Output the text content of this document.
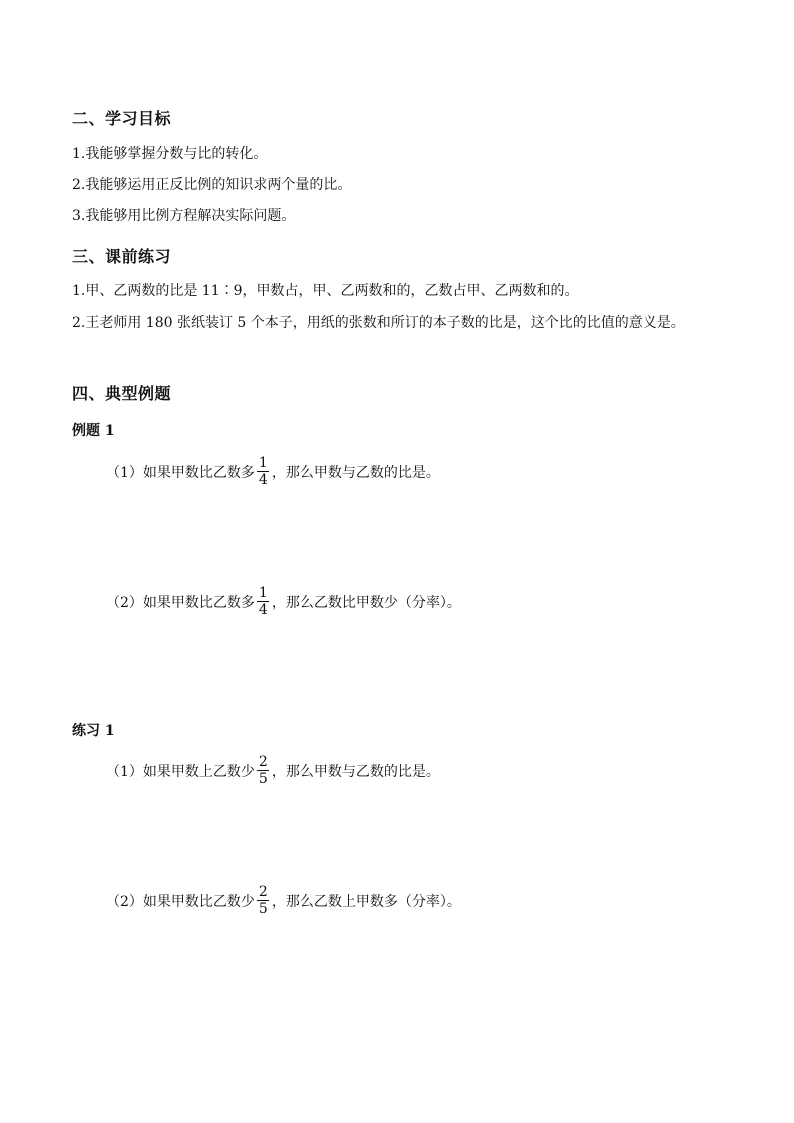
二、学习目标
1.我能够掌握分数与比的转化。
2.我能够运用正反比例的知识求两个量的比。
3.我能够用比例方程解决实际问题。
三、课前练习
1.甲、乙两数的比是 11∶9，甲数占，甲、乙两数和的，乙数占甲、乙两数和的。
2.王老师用 180 张纸装订 5 个本子，用纸的张数和所订的本子数的比是，这个比的比值的意义是。
四、典型例题
例题 1
（1）如果甲数比乙数多 $\frac{1}{4}$ ，那么甲数与乙数的比是。
（2）如果甲数比乙数多 $\frac{1}{4}$ ，那么乙数比甲数少（分率）。
练习 1
（1）如果甲数上乙数少 $\frac{2}{5}$ ，那么甲数与乙数的比是。
（2）如果甲数比乙数少 $\frac{2}{5}$ ，那么乙数上甲数多（分率）。
